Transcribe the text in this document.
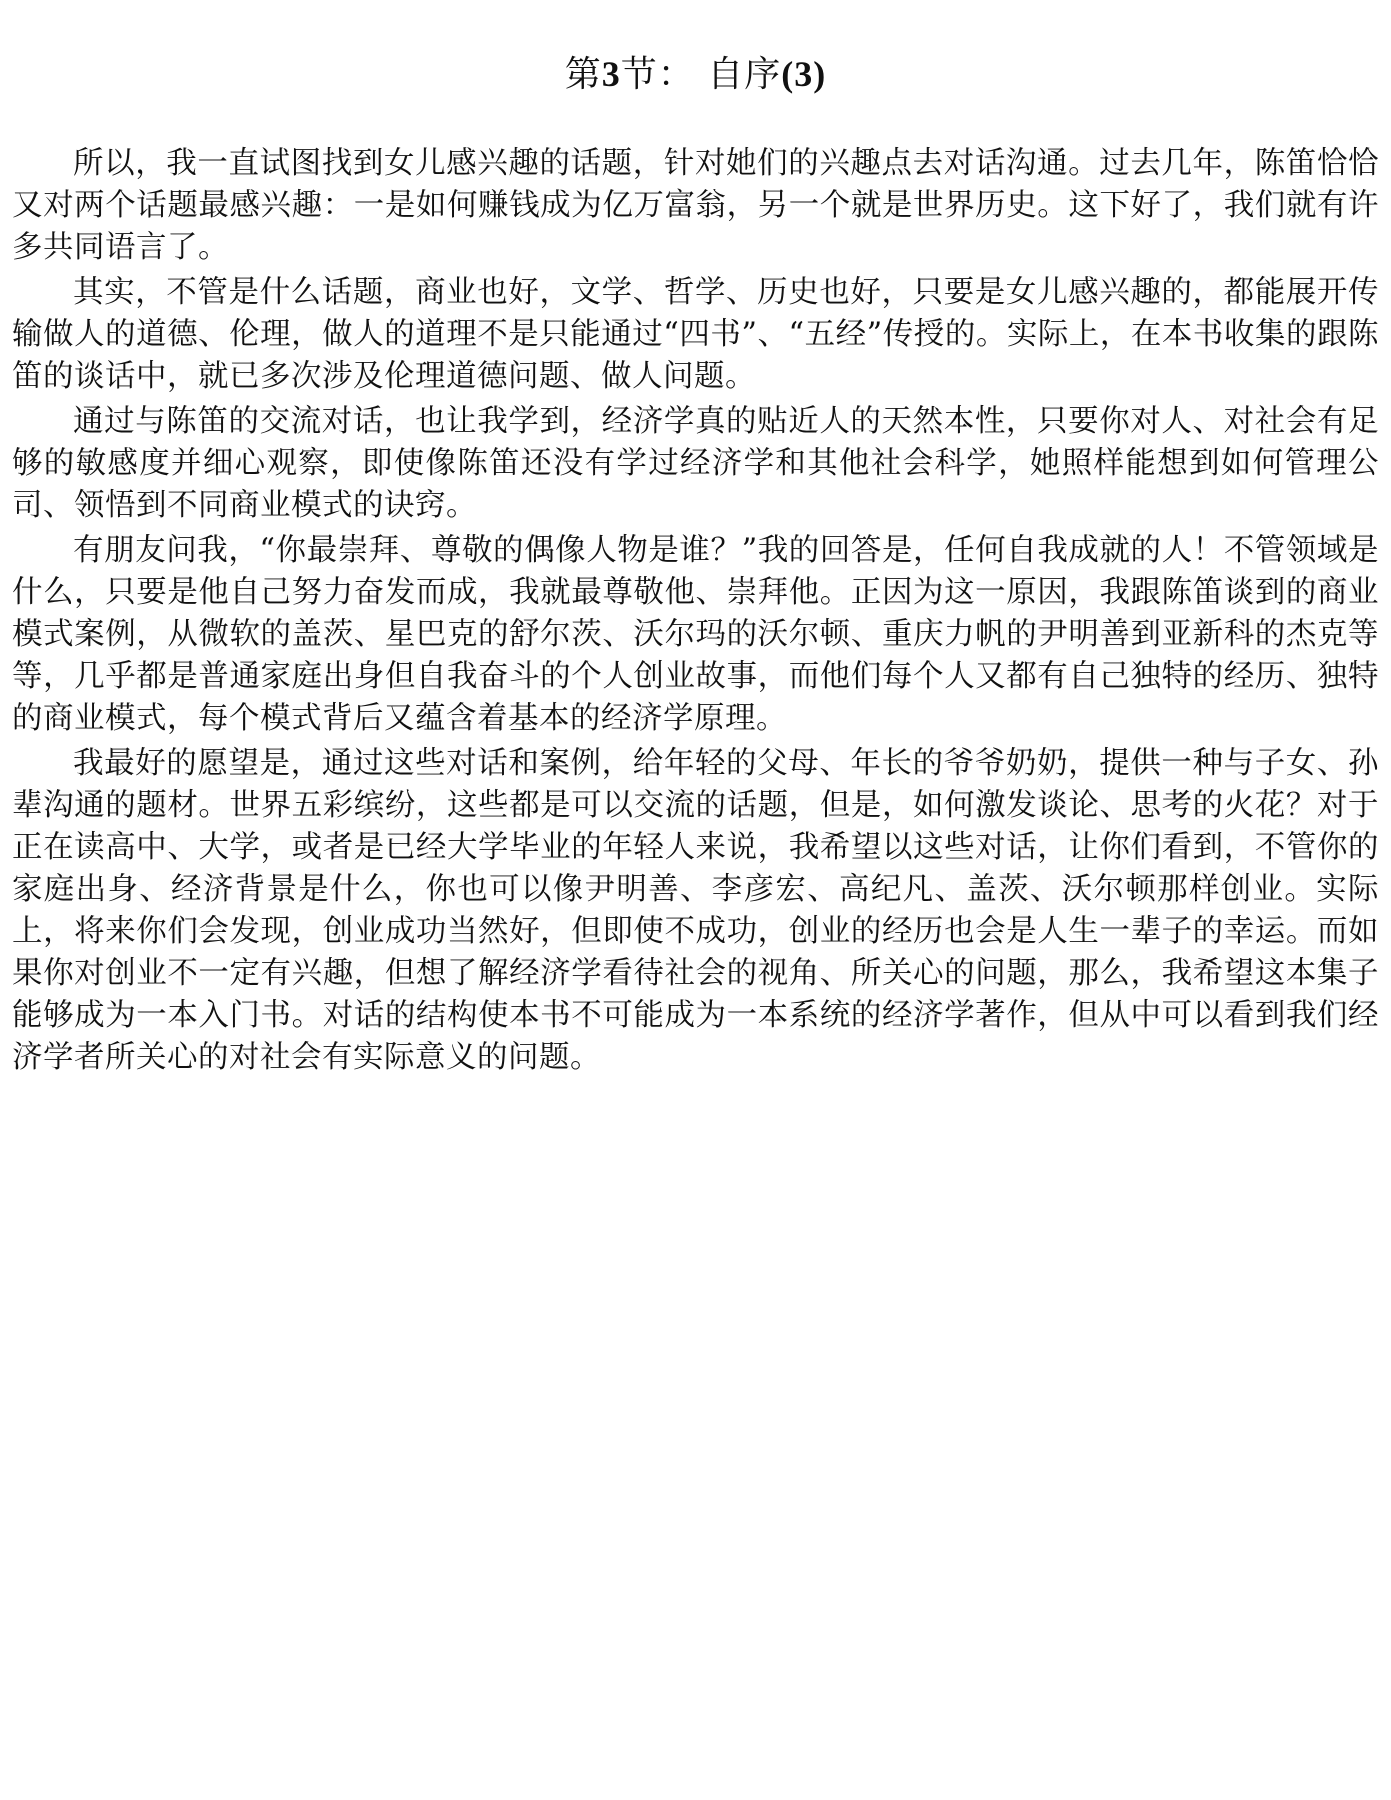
第3节： 自序(3)

所以，我一直试图找到女儿感兴趣的话题，针对她们的兴趣点去对话沟通。过去几年，陈笛恰恰又对两个话题最感兴趣：一是如何赚钱成为亿万富翁，另一个就是世界历史。这下好了，我们就有许多共同语言了。

其实，不管是什么话题，商业也好，文学、哲学、历史也好，只要是女儿感兴趣的，都能展开传输做人的道德、伦理，做人的道理不是只能通过“四书”、“五经”传授的。实际上，在本书收集的跟陈笛的谈话中，就已多次涉及伦理道德问题、做人问题。

通过与陈笛的交流对话，也让我学到，经济学真的贴近人的天然本性，只要你对人、对社会有足够的敏感度并细心观察，即使像陈笛还没有学过经济学和其他社会科学，她照样能想到如何管理公司、领悟到不同商业模式的诀窍。

有朋友问我，“你最崇拜、尊敬的偶像人物是谁？”我的回答是，任何自我成就的人！不管领域是什么，只要是他自己努力奋发而成，我就最尊敬他、崇拜他。正因为这一原因，我跟陈笛谈到的商业模式案例，从微软的盖茨、星巴克的舒尔茨、沃尔玛的沃尔顿、重庆力帆的尹明善到亚新科的杰克等等，几乎都是普通家庭出身但自我奋斗的个人创业故事，而他们每个人又都有自己独特的经历、独特的商业模式，每个模式背后又蕴含着基本的经济学原理。

我最好的愿望是，通过这些对话和案例，给年轻的父母、年长的爷爷奶奶，提供一种与子女、孙辈沟通的题材。世界五彩缤纷，这些都是可以交流的话题，但是，如何激发谈论、思考的火花？对于正在读高中、大学，或者是已经大学毕业的年轻人来说，我希望以这些对话，让你们看到，不管你的家庭出身、经济背景是什么，你也可以像尹明善、李彦宏、高纪凡、盖茨、沃尔顿那样创业。实际上，将来你们会发现，创业成功当然好，但即使不成功，创业的经历也会是人生一辈子的幸运。而如果你对创业不一定有兴趣，但想了解经济学看待社会的视角、所关心的问题，那么，我希望这本集子能够成为一本入门书。对话的结构使本书不可能成为一本系统的经济学著作，但从中可以看到我们经济学者所关心的对社会有实际意义的问题。
